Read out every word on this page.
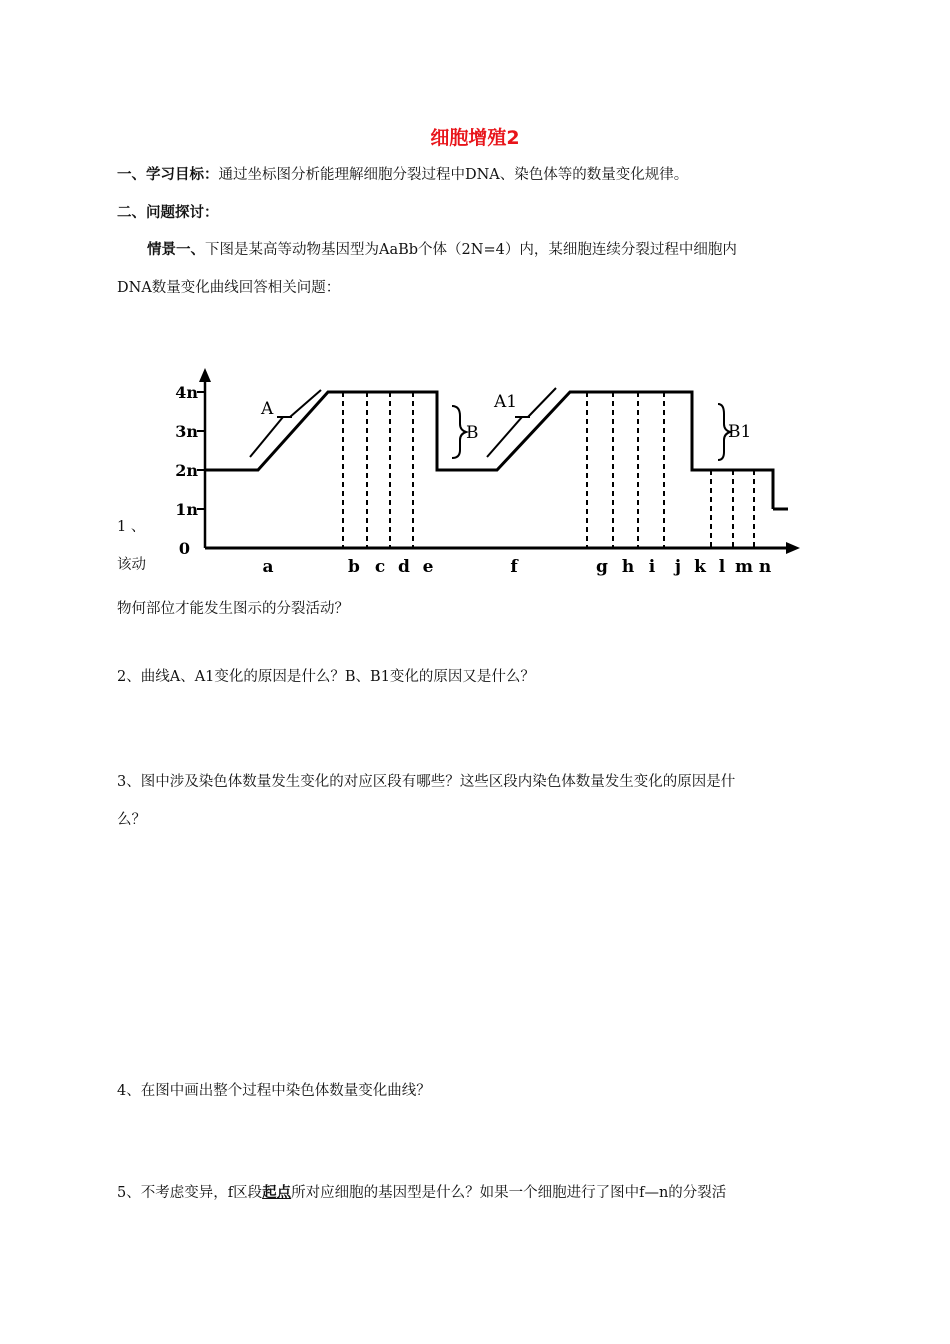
细胞增殖2
一、学习目标：通过坐标图分析能理解细胞分裂过程中DNA、染色体等的数量变化规律。
二、问题探讨：
情景一、下图是某高等动物基因型为AaBb个体（2N=4）内，某细胞连续分裂过程中细胞内
DNA数量变化曲线回答相关问题：
0
1n
2n
3n
4n
A
B
A1
B1
a	b c d e	f	g h i j k l m n
1 、
该动
物何部位才能发生图示的分裂活动？
2、曲线A、A1变化的原因是什么？B、B1变化的原因又是什么？
3、图中涉及染色体数量发生变化的对应区段有哪些？这些区段内染色体数量发生变化的原因是什
么？
4、在图中画出整个过程中染色体数量变化曲线？
5、不考虑变异，f区段起点所对应细胞的基因型是什么？如果一个细胞进行了图中f—n的分裂活
